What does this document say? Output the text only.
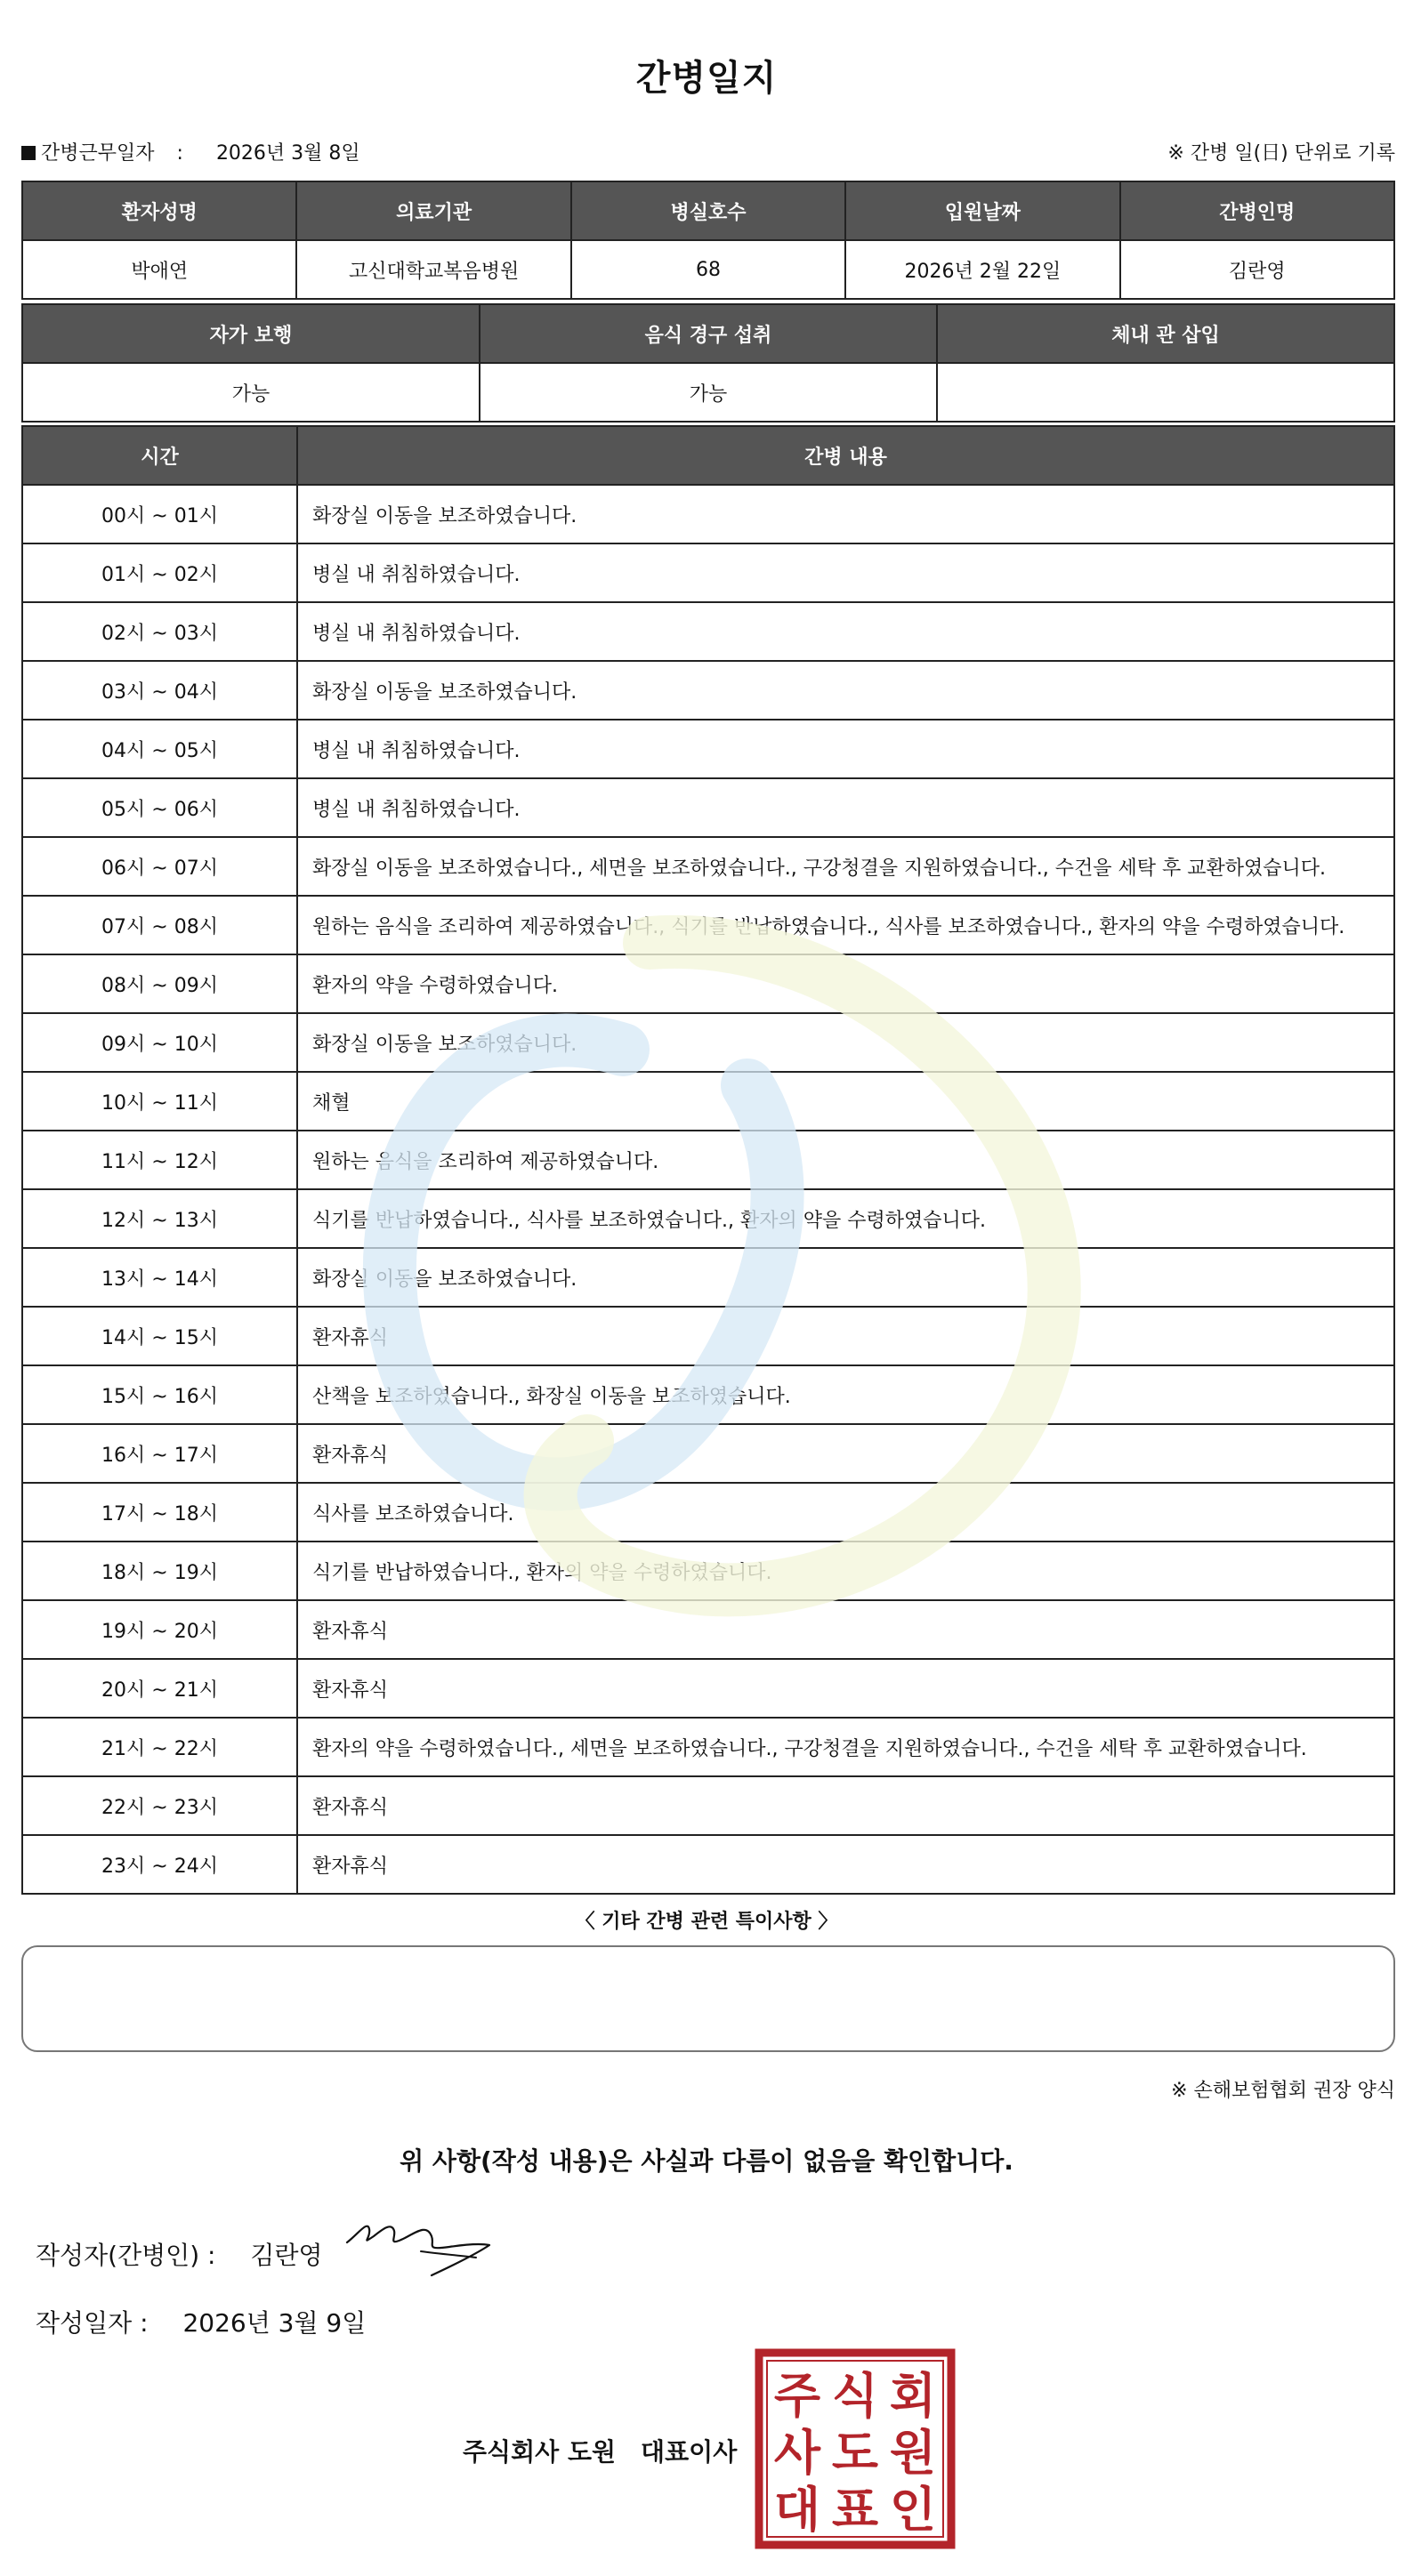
간병일지
간병근무일자 : 2026년 3월 8일	※ 간병 일(日) 단위로 기록
환자성명	의료기관	병실호수	입원날짜	간병인명
박애연	고신대학교복음병원	68	2026년 2월 22일	김란영
자가 보행	음식 경구 섭취	체내 관 삽입
가능	가능	
시간	간병 내용
00시 ~ 01시	화장실 이동을 보조하였습니다.
01시 ~ 02시	병실 내 취침하였습니다.
02시 ~ 03시	병실 내 취침하였습니다.
03시 ~ 04시	화장실 이동을 보조하였습니다.
04시 ~ 05시	병실 내 취침하였습니다.
05시 ~ 06시	병실 내 취침하였습니다.
06시 ~ 07시	화장실 이동을 보조하였습니다., 세면을 보조하였습니다., 구강청결을 지원하였습니다., 수건을 세탁 후 교환하였습니다.
07시 ~ 08시	원하는 음식을 조리하여 제공하였습니다., 식기를 반납하였습니다., 식사를 보조하였습니다., 환자의 약을 수령하였습니다.
08시 ~ 09시	환자의 약을 수령하였습니다.
09시 ~ 10시	화장실 이동을 보조하였습니다.
10시 ~ 11시	채혈
11시 ~ 12시	원하는 음식을 조리하여 제공하였습니다.
12시 ~ 13시	식기를 반납하였습니다., 식사를 보조하였습니다., 환자의 약을 수령하였습니다.
13시 ~ 14시	화장실 이동을 보조하였습니다.
14시 ~ 15시	환자휴식
15시 ~ 16시	산책을 보조하였습니다., 화장실 이동을 보조하였습니다.
16시 ~ 17시	환자휴식
17시 ~ 18시	식사를 보조하였습니다.
18시 ~ 19시	식기를 반납하였습니다., 환자의 약을 수령하였습니다.
19시 ~ 20시	환자휴식
20시 ~ 21시	환자휴식
21시 ~ 22시	환자의 약을 수령하였습니다., 세면을 보조하였습니다., 구강청결을 지원하였습니다., 수건을 세탁 후 교환하였습니다.
22시 ~ 23시	환자휴식
23시 ~ 24시	환자휴식
〈 기타 간병 관련 특이사항 〉
※ 손해보험협회 권장 양식
위 사항(작성 내용)은 사실과 다름이 없음을 확인합니다.
작성자(간병인) : 김란영
작성일자 : 2026년 3월 9일
주식회사 도원 대표이사
주 식 회
사 도 원
대 표 인
